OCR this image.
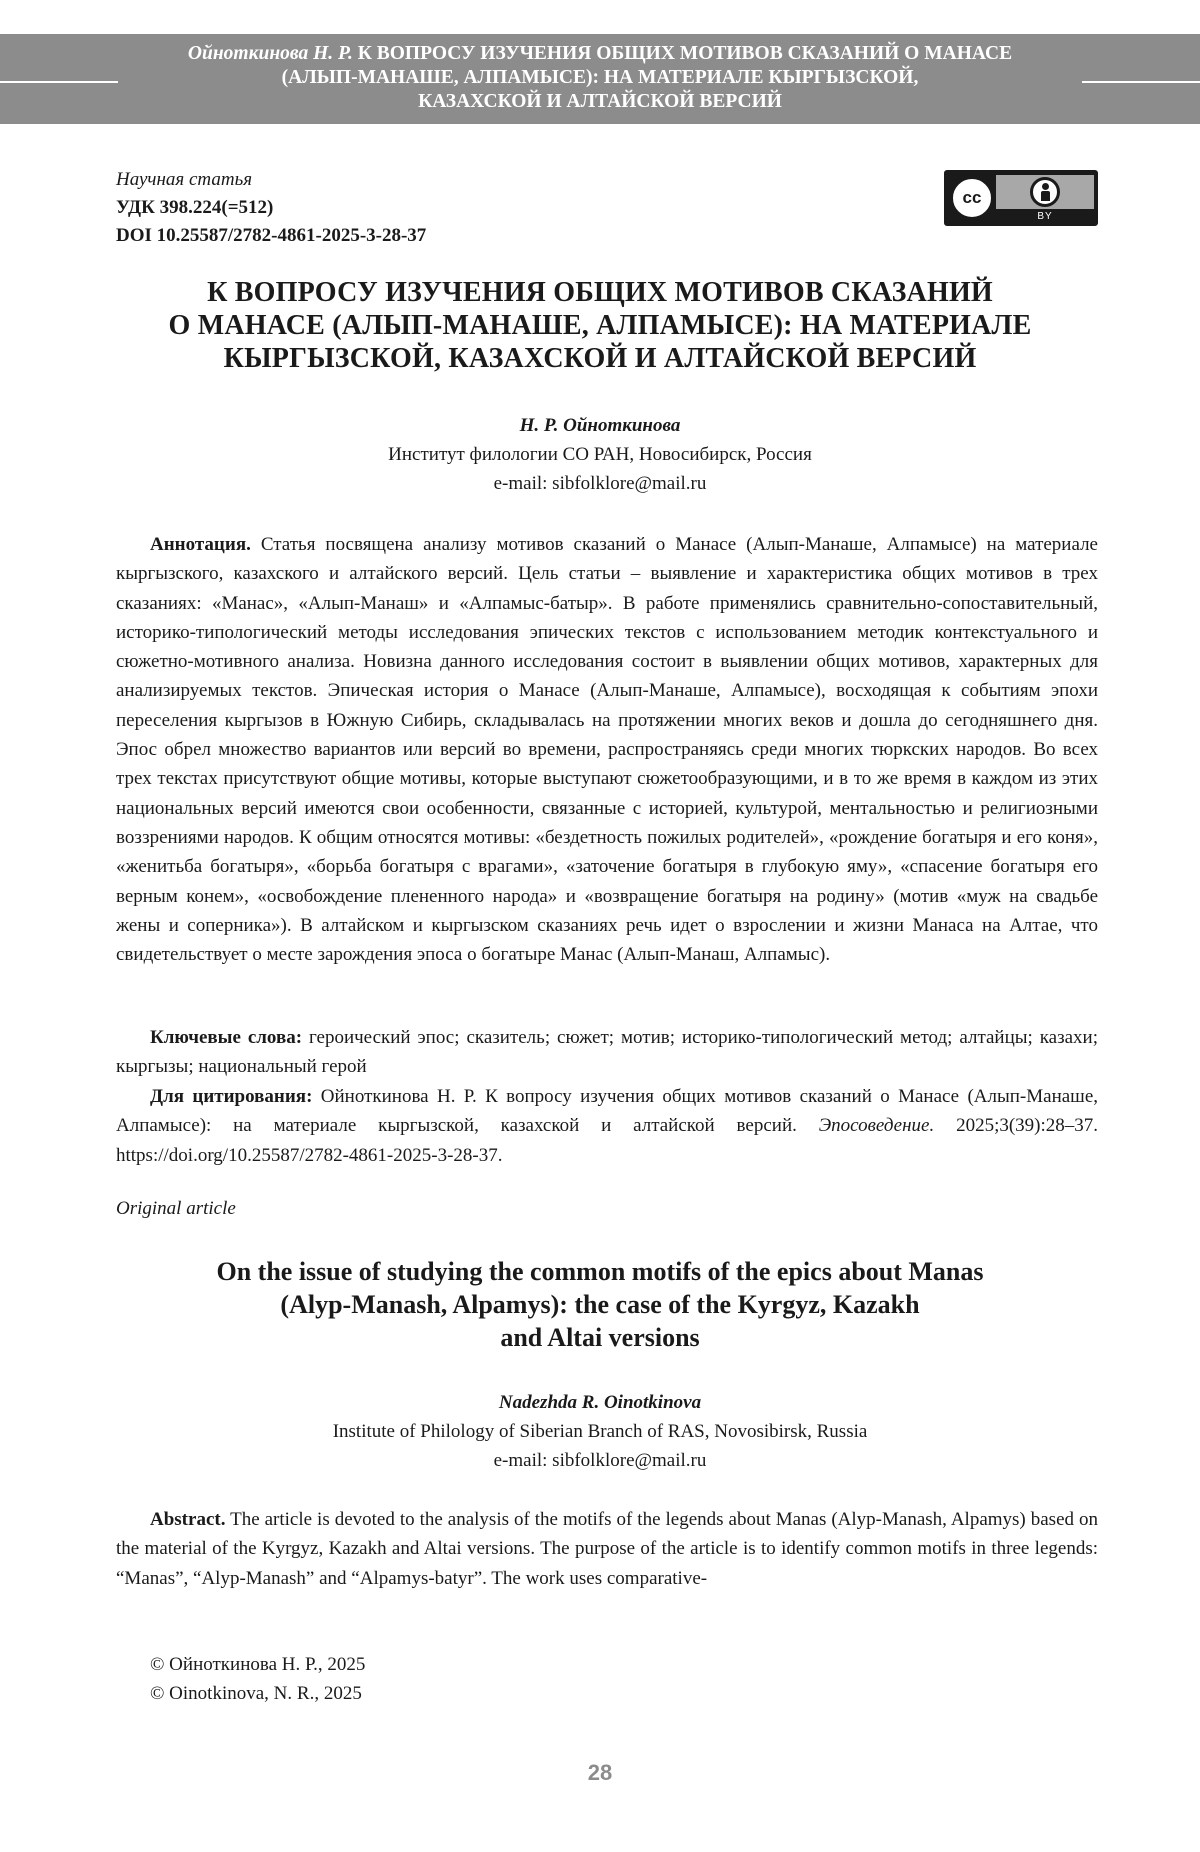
Ойноткинова Н. Р. К ВОПРОСУ ИЗУЧЕНИЯ ОБЩИХ МОТИВОВ СКАЗАНИЙ О МАНАСЕ
(АЛЫП-МАНАШЕ, АЛПАМЫСЕ): НА МАТЕРИАЛЕ КЫРГЫЗСКОЙ,
КАЗАХСКОЙ И АЛТАЙСКОЙ ВЕРСИЙ
Научная статья
УДК 398.224(=512)
DOI 10.25587/2782-4861-2025-3-28-37
cc
BY
К ВОПРОСУ ИЗУЧЕНИЯ ОБЩИХ МОТИВОВ СКАЗАНИЙ
О МАНАСЕ (АЛЫП-МАНАШЕ, АЛПАМЫСЕ): НА МАТЕРИАЛЕ
КЫРГЫЗСКОЙ, КАЗАХСКОЙ И АЛТАЙСКОЙ ВЕРСИЙ
Н. Р. Ойноткинова
Институт филологии СО РАН, Новосибирск, Россия
e-mail: sibfolklore@mail.ru
Аннотация. Статья посвящена анализу мотивов сказаний о Манасе (Алып-Манаше, Алпамысе) на материале кыргызского, казахского и алтайского версий. Цель статьи – выявление и характеристика общих мотивов в трех сказаниях: «Манас», «Алып-Манаш» и «Алпамыс-батыр». В работе применялись сравнительно-сопоставительный, историко-типологический методы исследования эпических текстов с использованием методик контекстуального и сюжетно-мотивного анализа. Новизна данного исследования состоит в выявлении общих мотивов, характерных для анализируемых текстов. Эпическая история о Манасе (Алып-Манаше, Алпамысе), восходящая к событиям эпохи переселения кыргызов в Южную Сибирь, складывалась на протяжении многих веков и дошла до сегодняшнего дня. Эпос обрел множество вариантов или версий во времени, распространяясь среди многих тюркских народов. Во всех трех текстах присутствуют общие мотивы, которые выступают сюжетообразующими, и в то же время в каждом из этих национальных версий имеются свои особенности, связанные с историей, культурой, ментальностью и религиозными воззрениями народов. К общим относятся мотивы: «бездетность пожилых родителей», «рождение богатыря и его коня», «женитьба богатыря», «борьба богатыря с врагами», «заточение богатыря в глубокую яму», «спасение богатыря его верным конем», «освобождение плененного народа» и «возвращение богатыря на родину» (мотив «муж на свадьбе жены и соперника»). В алтайском и кыргызском сказаниях речь идет о взрослении и жизни Манаса на Алтае, что свидетельствует о месте зарождения эпоса о богатыре Манас (Алып-Манаш, Алпамыс).
Ключевые слова: героический эпос; сказитель; сюжет; мотив; историко-типологический метод; алтайцы; казахи; кыргызы; национальный герой
Для цитирования: Ойноткинова Н. Р. К вопросу изучения общих мотивов сказаний о Манасе (Алып-Манаше, Алпамысе): на материале кыргызской, казахской и алтайской версий. Эпосоведение. 2025;3(39):28–37. https://doi.org/10.25587/2782-4861-2025-3-28-37.
Original article
On the issue of studying the common motifs of the epics about Manas
(Alyp-Manash, Alpamys): the case of the Kyrgyz, Kazakh
and Altai versions
Nadezhda R. Oinotkinova
Institute of Philology of Siberian Branch of RAS, Novosibirsk, Russia
e-mail: sibfolklore@mail.ru
Abstract. The article is devoted to the analysis of the motifs of the legends about Manas (Alyp-Manash, Alpamys) based on the material of the Kyrgyz, Kazakh and Altai versions. The purpose of the article is to identify common motifs in three legends: “Manas”, “Alyp-Manash” and “Alpamys-batyr”. The work uses comparative-
© Ойноткинова Н. Р., 2025
© Oinotkinova, N. R., 2025
28
